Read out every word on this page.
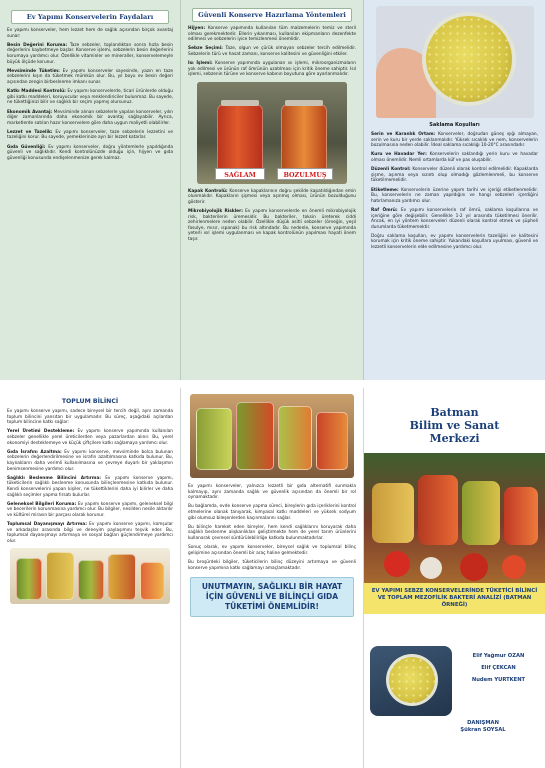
Ev Yapımı Konservelerin Faydaları

Ev yapımı konserveler, hem lezzet hem de sağlık açısından birçok avantaj sunar:

Besin Değerini Koruma: Taze sebzeler, toplandıktan sonra hızla besin değerlerini kaybetmeye başlar. Konserve işlemi, sebzelerin besin değerlerini korumaya yardımcı olur. Özellikle vitaminler ve mineraller, konservelemeyle büyük ölçüde korunur.

Mevsiminde Tüketim: Ev yapımı konserveler sayesinde, yazın en taze sebzelerini kışın da tüketmek mümkün olur. Bu, yıl boyu ev besin değeri açısından zengin birbeslenme imkanı sunar.

Katkı Maddesi Kontrolü: Ev yapımı konservelerde, ticari ürünlerde olduğu gibi katkı maddeleri, koruyucular veya renklendiriciler bulunmaz. Bu sayede, ne tükettiğinizi bilir ve sağlıklı bir seçim yapmış olursunuz.

Ekonomik Avantaj: Mevsiminde alınan sebzelerle yapılan konserveler, yılın diğer zamanlarında daha ekonomik bir avantaj sağlayabilir. Ayrıca, marketlerde satılan hazır konservelere göre daha uygun maliyetli olabilirler.

Lezzet ve Tazelik: Ev yapımı konserveler, taze sebzelerin lezzetini ve tazeliğini korur. Bu sayede, yemeklerinize ayrı bir lezzet katarlar.

Gıda Güvenliği: Ev yapımı konserveler, doğru yöntemlerle yapıldığında güvenli ve sağlıklıdır. Kendi kontrolünüzde olduğu için, hijyen ve gıda güvenliği konusunda endişelenmenize gerek kalmaz.

Güvenli Konserve Hazırlama Yöntemleri

Hijyen: Konserve yapımında kullanılan tüm malzemelerin temiz ve steril olması gerekmektedir. Ellerin yıkanması, kullanılan ekipmanların dezenfekte edilmesi ve sebzelerin iyice temizlenmesi önemlidir.

Sebze Seçimi: Taze, olgun ve çürük olmayan sebzeler tercih edilmelidir. Sebzelerin türü ve hasat zamanı, konserve kalitesini ve güvenliğini etkiler.

Isı İşlemi: Konserve yapımında uygulanan ısı işlemi, mikroorganizmaların yok edilmesi ve ürünün raf ömrünün uzatılması için kritik öneme sahiptir. Isıl işlemi, sebzenin türüne ve konserve kabının boyutuna göre ayarlanmalıdır.

SAĞLAM	BOZULMUŞ

Kapak Kontrolü: Konserve kapaklarının doğru şekilde kapatıldığından emin olunmalıdır. Kapakların şişmesi veya aşınmış olması, ürünün bozulduğunu gösterir.

Mikrobiyolojik Riskler: Ev yapımı konservelerde en önemli mikrobiyolojik risk, bakterilerin üremesidir. Bu bakteriler, toksin üreterek ciddi zehirlenmelere neden olabilir. Özellikle düşük asitli sebzeler (örneğin, yeşil fasulye, mısır, ıspanak) bu risk altındadır. Bu nedenle, konserve yapımında yeterli ısıl işlemi uygulanması ve kapak kontrolünün yapılması hayati önem taşır.

Saklama Koşulları

Serin ve Karanlık Ortam: Konserveler, doğrudan güneş ışığı almayan, serin ve kuru bir yerde saklanmalıdır. Yüksek sıcaklık ve nem, konservelerin bozulmasına neden olabilir. İdeal saklama sıcaklığı 10-20°C arasındadır.

Kuru ve Havadar Yer: Konservelerin saklandığı yerin kuru ve havadar olması önemlidir. Nemli ortamlarda küf ve pas oluşabilir.

Düzenli Kontrol: Konserveler düzenli olarak kontrol edilmelidir. Kapaklarda şişme, aşınma veya sızıntı olup olmadığı gözlemlenmeli, bu konserve tüketilmemelidir.

Etiketleme: Konservelerin üzerine yapım tarihi ve içeriği etiketlenmelidir. Bu, konservelerin ne zaman yapıldığını ve hangi sebzeleri içerdiğini hatırlamanıza yardımcı olur.

Raf Ömrü: Ev yapımı konservelerin raf ömrü, saklama koşullarına ve içeriğine göre değişebilir. Genellikle 1-2 yıl arasında tüketilmesi önerilir. Ancak, en iyi yöntem konserveleri düzenli olarak kontrol etmek ve şüpheli durumlarda tüketmemektir.

Doğru saklama koşulları, ev yapımı konservelerin tazeliğini ve kalitesini korumak için kritik öneme sahiptir. Yukarıdaki koşullara uyulması, güvenli ve lezzetli konservelerin elde edilmesine yardımcı olur.

TOPLUM BİLİNCİ

Ev yapımı konserve yapımı, sadece bireysel bir tercih değil, aynı zamanda toplum bilincini yansıtan bir uygulamadır. Bu süreç, aşağıdaki açılardan toplum bilincine katkı sağlar:

Yerel Üretimi Destekleme: Ev yapımı konserve yapımında kullanılan sebzeler genellikle yerel üreticilerden veya pazarlardan alınır. Bu, yerel ekonomiyi desteklemeye ve küçük çiftçilere katkı sağlamaya yardımcı olur.

Gıda İsrafını Azaltma: Ev yapımı konserve, mevsiminde bolca bulunan sebzelerin değerlendirilmesine ve israfın azaltılmasına katkıda bulunur. Bu, kaynakların daha verimli kullanılmasına ve çevreye duyarlı bir yaklaşımın benimsenmesine yardımcı olur.

Sağlıklı Beslenme Bilincini Artırma: Ev yapımı konserve yapımı, tüketicilerin sağlıklı beslenme konusunda bilinçlenmesine katkıda bulunur. Kendi konservelerini yapan kişiler, ne tükettiklerini daha iyi bilirler ve daha sağlıklı seçimler yapma fırsatı bulurlar.

Geleneksel Bilgileri Koruma: Ev yapımı konserve yapımı, geleneksel bilgi ve becerilerin korunmasına yardımcı olur. Bu bilgiler, nesilden nesile aktarılır ve kültürel mirasın bir parçası olarak korunur.

Toplumsal Dayanışmayı Artırma: Ev yapımı konserve yapımı, komşular ve arkadaşlar arasında bilgi ve deneyim paylaşımını teşvik eder. Bu, toplumsal dayanışmayı artırmaya ve sosyal bağları güçlendirmeye yardımcı olur.

Ev yapımı konserveler, yalnızca lezzetli bir gıda alternatifi sunmakla kalmayıp, aynı zamanda sağlık ve güvenlik açısından da önemli bir rol oynamaktadır.

Bu bağlamda, evde konserve yapma süreci, bireylerin gıda içeriklerini kontrol etmelerine olanak tanıyarak, kimyasal katkı maddeleri ve yüksek sodyum gibi olumsuz bileşenlerden kaçınmalarını sağlar.

Bu bilinçle hareket eden bireyler, hem kendi sağlıklarını koruyarak daha sağlıklı beslenme alışkanlıkları geliştirmekte hem de yerel tarım ürünlerini kullanarak çevresel sürdürülebilirliğe katkıda bulunmaktadırlar.

Sonuç olarak, ev yapımı konserveler, bireysel sağlık ve toplumsal bilinç gelişimine açısından önemli bir araç haline gelmektedir.

Bu broşürdeki bilgiler, tüketicilerin bilinç düzeyini artırmaya ve güvenli konserve yapımına katkı sağlamayı amaçlamaktadır.

UNUTMAYIN, SAĞLIKLI BİR HAYAT İÇİN GÜVENLİ VE BİLİNÇLİ GIDA TÜKETİMİ ÖNEMLİDİR!
Batman
Bilim ve Sanat
Merkezi
EV YAPIMI SEBZE KONSERVELERİNDE TÜKETİCİ BİLİNCİ VE TOPLAM MEZOFİLİK BAKTERİ ANALİZİ (BATMAN ÖRNEĞİ)
Elif Yağmur OZAN
Elif ÇEKCAN
Nudem YURTKENT
DANIŞMAN
Şükran SOYSAL
